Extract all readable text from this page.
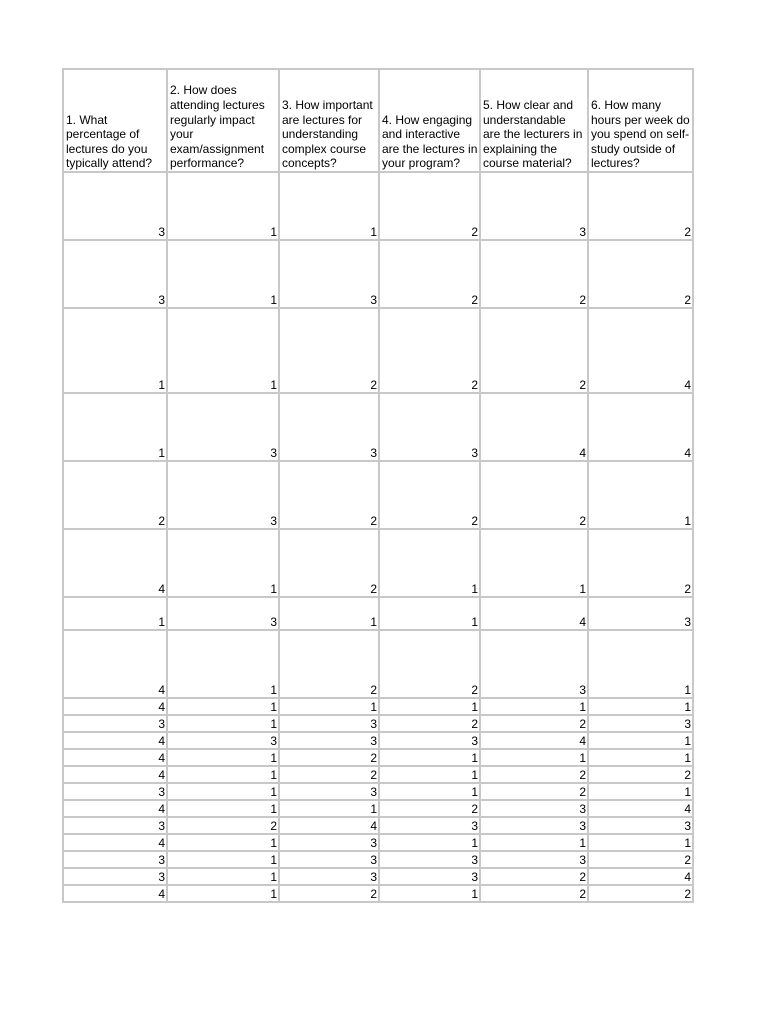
1. What percentage of lectures do you typically attend?	2. How does attending lectures regularly impact your exam/assignment performance?	3. How important are lectures for understanding complex course concepts?	4. How engaging and interactive are the lectures in your program?	5. How clear and understandable are the lecturers in explaining the course material?	6. How many hours per week do you spend on self-study outside of lectures?
3	1	1	2	3	2
3	1	3	2	2	2
1	1	2	2	2	4
1	3	3	3	4	4
2	3	2	2	2	1
4	1	2	1	1	2
1	3	1	1	4	3
4	1	2	2	3	1
4	1	1	1	1	1
3	1	3	2	2	3
4	3	3	3	4	1
4	1	2	1	1	1
4	1	2	1	2	2
3	1	3	1	2	1
4	1	1	2	3	4
3	2	4	3	3	3
4	1	3	1	1	1
3	1	3	3	3	2
3	1	3	3	2	4
4	1	2	1	2	2
